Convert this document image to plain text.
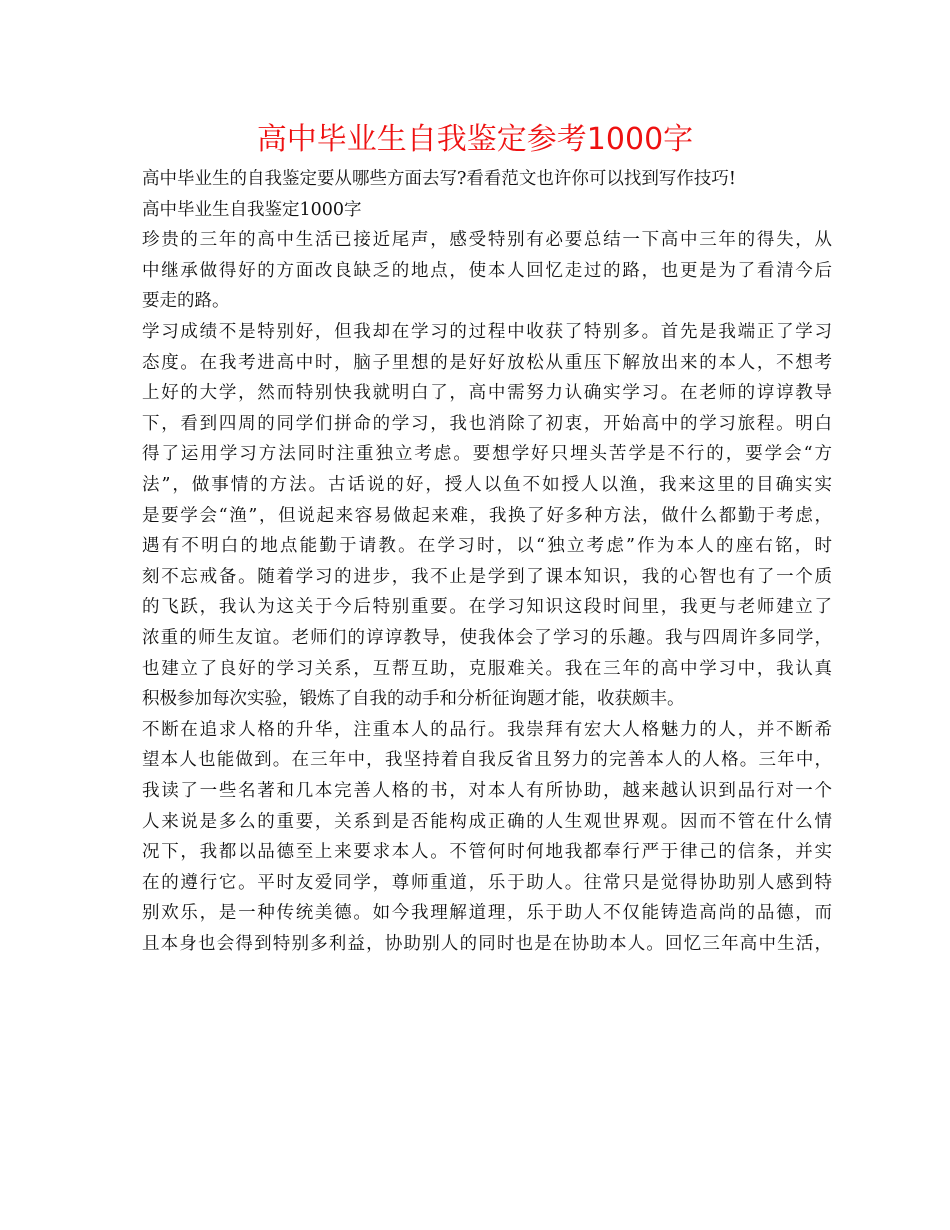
高中毕业生自我鉴定参考1000字
高中毕业生的自我鉴定要从哪些方面去写?看看范文也许你可以找到写作技巧!
高中毕业生自我鉴定1000字
珍贵的三年的高中生活已接近尾声，感受特别有必要总结一下高中三年的得失，从
中继承做得好的方面改良缺乏的地点，使本人回忆走过的路，也更是为了看清今后
要走的路。
学习成绩不是特别好，但我却在学习的过程中收获了特别多。首先是我端正了学习
态度。在我考进高中时，脑子里想的是好好放松从重压下解放出来的本人，不想考
上好的大学，然而特别快我就明白了，高中需努力认确实学习。在老师的谆谆教导
下，看到四周的同学们拼命的学习，我也消除了初衷，开始高中的学习旅程。明白
得了运用学习方法同时注重独立考虑。要想学好只埋头苦学是不行的，要学会“方
法”，做事情的方法。古话说的好，授人以鱼不如授人以渔，我来这里的目确实实
是要学会“渔”，但说起来容易做起来难，我换了好多种方法，做什么都勤于考虑，
遇有不明白的地点能勤于请教。在学习时，以“独立考虑”作为本人的座右铭，时
刻不忘戒备。随着学习的进步，我不止是学到了课本知识，我的心智也有了一个质
的飞跃，我认为这关于今后特别重要。在学习知识这段时间里，我更与老师建立了
浓重的师生友谊。老师们的谆谆教导，使我体会了学习的乐趣。我与四周许多同学，
也建立了良好的学习关系，互帮互助，克服难关。我在三年的高中学习中，我认真
积极参加每次实验，锻炼了自我的动手和分析征询题才能，收获颇丰。
不断在追求人格的升华，注重本人的品行。我崇拜有宏大人格魅力的人，并不断希
望本人也能做到。在三年中，我坚持着自我反省且努力的完善本人的人格。三年中，
我读了一些名著和几本完善人格的书，对本人有所协助，越来越认识到品行对一个
人来说是多么的重要，关系到是否能构成正确的人生观世界观。因而不管在什么情
况下，我都以品德至上来要求本人。不管何时何地我都奉行严于律己的信条，并实
在的遵行它。平时友爱同学，尊师重道，乐于助人。往常只是觉得协助别人感到特
别欢乐，是一种传统美德。如今我理解道理，乐于助人不仅能铸造高尚的品德，而
且本身也会得到特别多利益，协助别人的同时也是在协助本人。回忆三年高中生活，
